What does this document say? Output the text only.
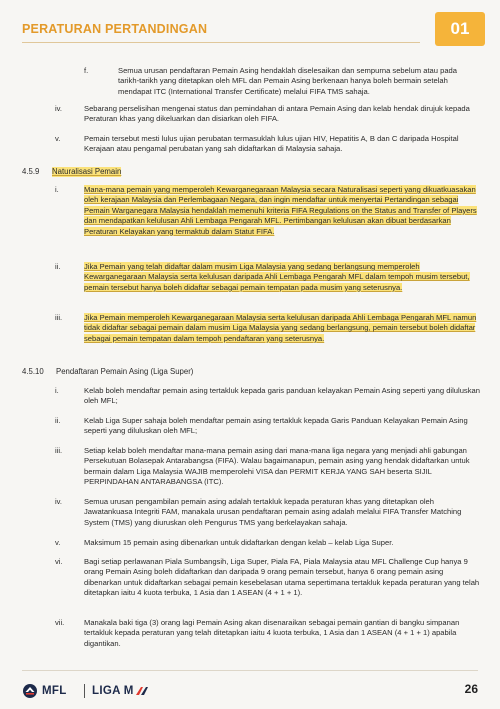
PERATURAN PERTANDINGAN	01
f.	Semua urusan pendaftaran Pemain Asing hendaklah diselesaikan dan sempurna sebelum atau pada tarikh-tarikh yang ditetapkan oleh MFL dan Pemain Asing berkenaan hanya boleh bermain setelah mendapat ITC (International Transfer Certificate) melalui FIFA TMS sahaja.
iv.	Sebarang perselisihan mengenai status dan pemindahan di antara Pemain Asing dan kelab hendak dirujuk kepada Peraturan khas yang dikeluarkan dan disiarkan oleh FIFA.
v.	Pemain tersebut mesti lulus ujian perubatan termasuklah lulus ujian HIV, Hepatitis A, B dan C daripada Hospital Kerajaan atau pengamal perubatan yang sah didaftarkan di Malaysia sahaja.
4.5.9 Naturalisasi Pemain
i.	Mana-mana pemain yang memperoleh Kewarganegaraan Malaysia secara Naturalisasi seperti yang dikuatkuasakan oleh kerajaan Malaysia dan Perlembagaan Negara, dan ingin mendaftar untuk menyertai Pertandingan sebagai Pemain Warganegara Malaysia hendaklah memenuhi kriteria FIFA Regulations on the Status and Transfer of Players dan mendapatkan kelulusan Ahli Lembaga Pengarah MFL. Pertimbangan kelulusan akan dibuat berdasarkan Peraturan Kelayakan yang termaktub dalam Statut FIFA.
ii.	Jika Pemain yang telah didaftar dalam musim Liga Malaysia yang sedang berlangsung memperoleh Kewarganegaraan Malaysia serta kelulusan daripada Ahli Lembaga Pengarah MFL dalam tempoh musim tersebut, pemain tersebut hanya boleh didaftar sebagai pemain tempatan pada musim yang seterusnya.
iii.	Jika Pemain memperoleh Kewarganegaraan Malaysia serta kelulusan daripada Ahli Lembaga Pengarah MFL namun tidak didaftar sebagai pemain dalam musim Liga Malaysia yang sedang berlangsung, pemain tersebut boleh didaftar sebagai pemain tempatan dalam tempoh pendaftaran yang seterusnya.
4.5.10 Pendaftaran Pemain Asing (Liga Super)
i.	Kelab boleh mendaftar pemain asing tertakluk kepada garis panduan kelayakan Pemain Asing seperti yang diluluskan oleh MFL;
ii.	Kelab Liga Super sahaja boleh mendaftar pemain asing tertakluk kepada Garis Panduan Kelayakan Pemain Asing seperti yang diluluskan oleh MFL;
iii.	Setiap kelab boleh mendaftar mana-mana pemain asing dari mana-mana liga negara yang menjadi ahli gabungan Persekutuan Bolasepak Antarabangsa (FIFA). Walau bagaimanapun, pemain asing yang hendak didaftarkan untuk bermain dalam Liga Malaysia WAJIB memperolehi VISA dan PERMIT KERJA YANG SAH beserta SIJIL PERPINDAHAN ANTARABANGSA (ITC).
iv.	Semua urusan pengambilan pemain asing adalah tertakluk kepada peraturan khas yang ditetapkan oleh Jawatankuasa Integriti FAM, manakala urusan pendaftaran pemain asing adalah melalui FIFA Transfer Matching System (TMS) yang diuruskan oleh Pengurus TMS yang berkelayakan sahaja.
v.	Maksimum 15 pemain asing dibenarkan untuk didaftarkan dengan kelab – kelab Liga Super.
vi.	Bagi setiap perlawanan Piala Sumbangsih, Liga Super, Piala FA, Piala Malaysia atau MFL Challenge Cup hanya 9 orang Pemain Asing boleh didaftarkan dan daripada 9 orang pemain tersebut, hanya 6 orang pemain asing dibenarkan untuk didaftarkan sebagai pemain kesebelasan utama sepertimana tertakluk kepada peraturan yang telah ditetapkan iaitu 4 kuota terbuka, 1 Asia dan 1 ASEAN (4 + 1 + 1).
vii.	Manakala baki tiga (3) orang lagi Pemain Asing akan disenaraikan sebagai pemain gantian di bangku simpanan tertakluk kepada peraturan yang telah ditetapkan iaitu 4 kuota terbuka, 1 Asia dan 1 ASEAN (4 + 1 + 1) apabila digantikan.
MFL LIGA M	26
